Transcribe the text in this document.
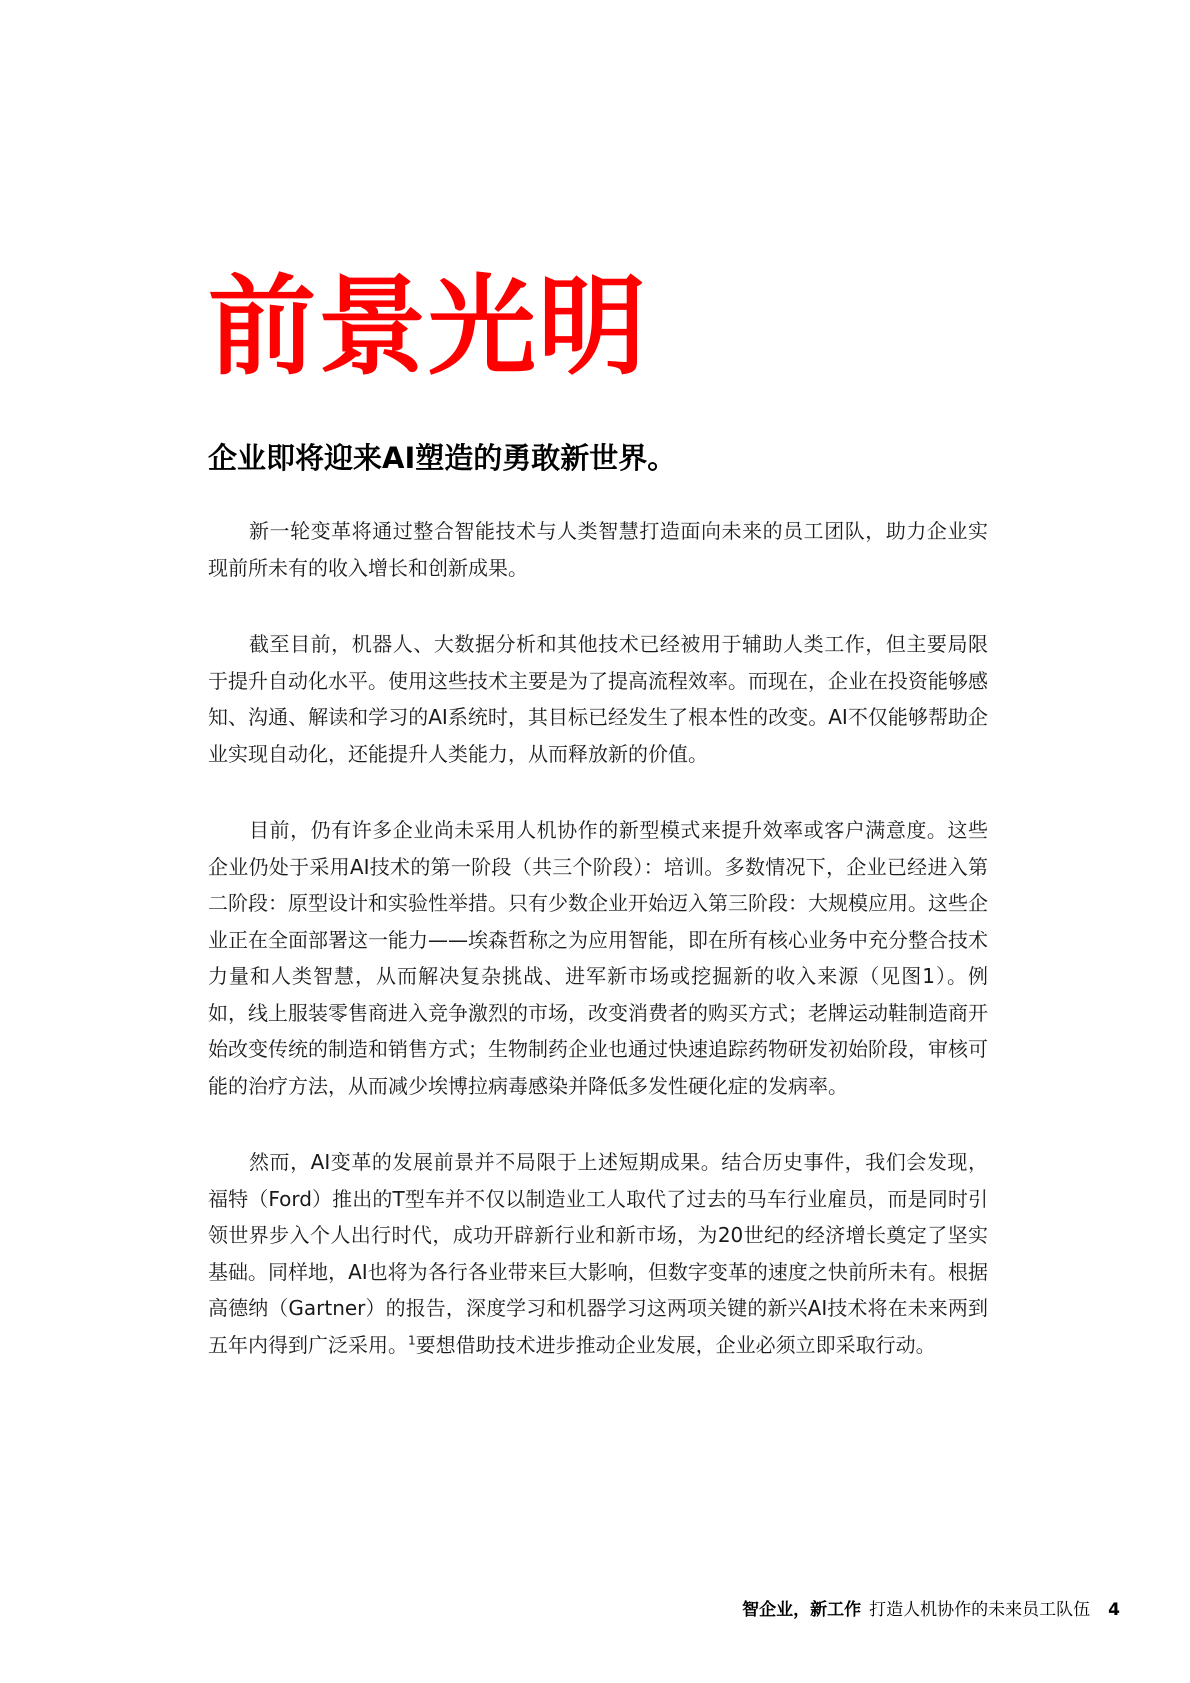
前景光明
企业即将迎来AI塑造的勇敢新世界。

新一轮变革将通过整合智能技术与人类智慧打造面向未来的员工团队，助力企业实现前所未有的收入增长和创新成果。

截至目前，机器人、大数据分析和其他技术已经被用于辅助人类工作，但主要局限于提升自动化水平。使用这些技术主要是为了提高流程效率。而现在，企业在投资能够感知、沟通、解读和学习的AI系统时，其目标已经发生了根本性的改变。AI不仅能够帮助企业实现自动化，还能提升人类能力，从而释放新的价值。

目前，仍有许多企业尚未采用人机协作的新型模式来提升效率或客户满意度。这些企业仍处于采用AI技术的第一阶段（共三个阶段）：培训。多数情况下，企业已经进入第二阶段：原型设计和实验性举措。只有少数企业开始迈入第三阶段：大规模应用。这些企业正在全面部署这一能力——埃森哲称之为应用智能，即在所有核心业务中充分整合技术力量和人类智慧，从而解决复杂挑战、进军新市场或挖掘新的收入来源（见图1）。例如，线上服装零售商进入竞争激烈的市场，改变消费者的购买方式；老牌运动鞋制造商开始改变传统的制造和销售方式；生物制药企业也通过快速追踪药物研发初始阶段，审核可能的治疗方法，从而减少埃博拉病毒感染并降低多发性硬化症的发病率。

然而，AI变革的发展前景并不局限于上述短期成果。结合历史事件，我们会发现，福特（Ford）推出的T型车并不仅以制造业工人取代了过去的马车行业雇员，而是同时引领世界步入个人出行时代，成功开辟新行业和新市场，为20世纪的经济增长奠定了坚实基础。同样地，AI也将为各行各业带来巨大影响，但数字变革的速度之快前所未有。根据高德纳（Gartner）的报告，深度学习和机器学习这两项关键的新兴AI技术将在未来两到五年内得到广泛采用。$^1$要想借助技术进步推动企业发展，企业必须立即采取行动。

智企业，新工作 打造人机协作的未来员工队伍 4
